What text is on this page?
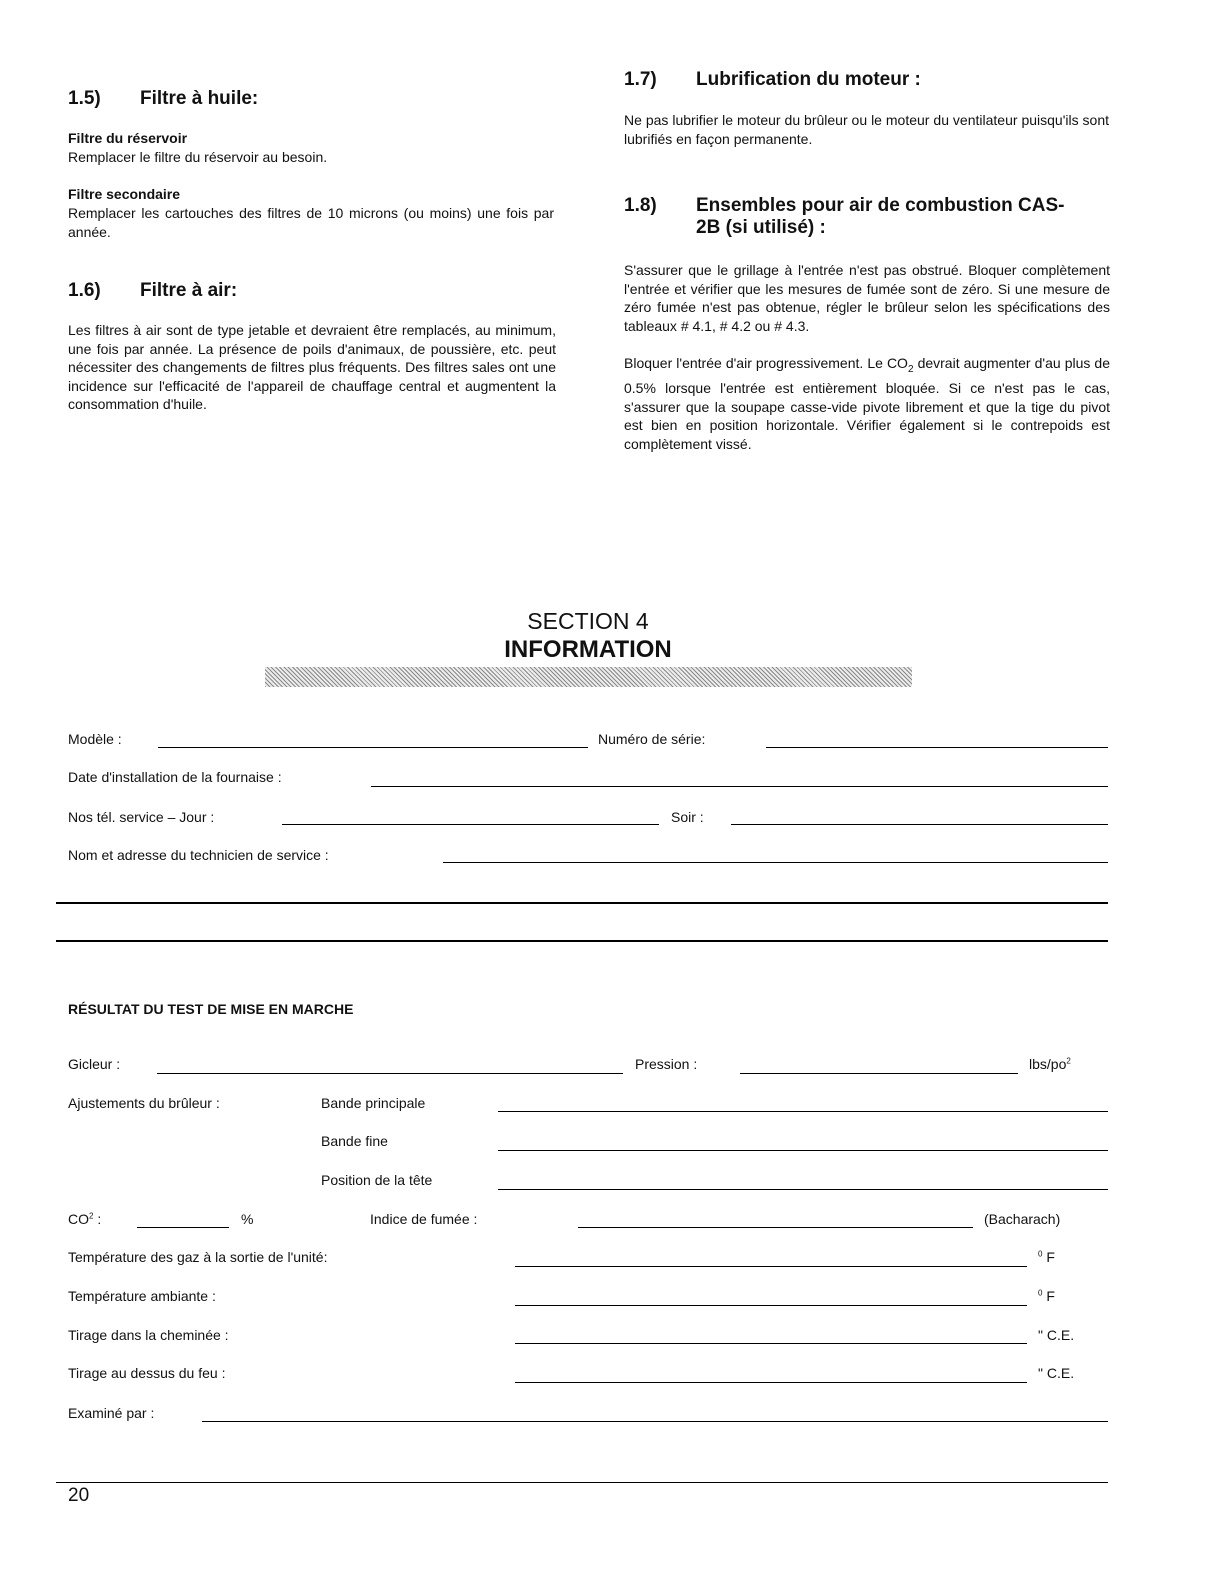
1.5) Filtre à huile:
Filtre du réservoir
Remplacer le filtre du réservoir au besoin.
Filtre secondaire
Remplacer les cartouches des filtres de 10 microns (ou moins) une fois par année.
1.6) Filtre à air:
Les filtres à air sont de type jetable et devraient être remplacés, au minimum, une fois par année. La présence de poils d'animaux, de poussière, etc. peut nécessiter des changements de filtres plus fréquents. Des filtres sales ont une incidence sur l'efficacité de l'appareil de chauffage central et augmentent la consommation d'huile.
1.7) Lubrification du moteur :
Ne pas lubrifier le moteur du brûleur ou le moteur du ventilateur puisqu'ils sont lubrifiés en façon permanente.
1.8)	Ensembles pour air de combustion CAS-
2B (si utilisé) :
S'assurer que le grillage à l'entrée n'est pas obstrué. Bloquer complètement l'entrée et vérifier que les mesures de fumée sont de zéro. Si une mesure de zéro fumée n'est pas obtenue, régler le brûleur selon les spécifications des tableaux # 4.1, # 4.2 ou # 4.3.
Bloquer l'entrée d'air progressivement. Le $CO_2$ devrait augmenter d'au plus de 0.5% lorsque l'entrée est entièrement bloquée. Si ce n'est pas le cas, s'assurer que la soupape casse-vide pivote librement et que la tige du pivot est bien en position horizontale. Vérifier également si le contrepoids est complètement vissé.
SECTION 4
INFORMATION
Modèle :	Numéro de série:
Date d'installation de la fournaise :
Nos tél. service – Jour :	Soir :
Nom et adresse du technicien de service :
RÉSULTAT DU TEST DE MISE EN MARCHE
Gicleur :	Pression :	lbs/$po^2$
Ajustements du brûleur :	Bande principale
Bande fine
Position de la tête
$CO^2$ :	%	Indice de fumée :	(Bacharach)
Température des gaz à la sortie de l'unité:	$^0$ F
Température ambiante :	$^0$ F
Tirage dans la cheminée :	" C.E.
Tirage au dessus du feu :	" C.E.
Examiné par :
20
